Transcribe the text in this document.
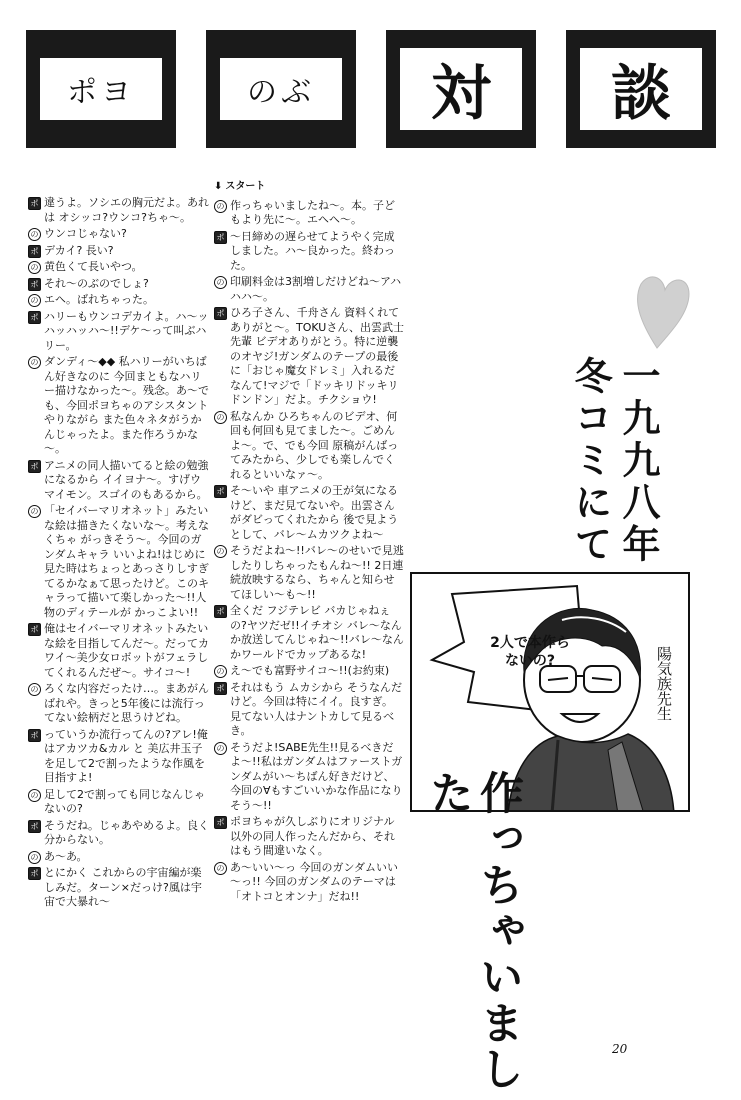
ポヨ	のぶ	対	談
ポ 違うよ。ソシエの胸元だよ。あれは オシッコ?ウンコ?ちゃ～。
の ウンコじゃない?
ポ デカイ? 長い?
の 黄色くて長いやつ。
ポ それ～のぶのでしょ?
の エヘ。ばれちゃった。
ポ ハリーもウンコデカイよ。ハ～ッハッハッハ～!!デケ～って叫ぶハリー。
の ダンディ～◆◆ 私ハリーがいちばん好きなのに 今回まともなハリー描けなかった～。残念。あ～でも、今回ポヨちゃのアシスタントやりながら また色々ネタがうかんじゃったよ。また作ろうかな～。
ポ アニメの同人描いてると絵の勉強になるから イイヨナ～。すげウマイモン。スゴイのもあるから。
の 「セイバーマリオネット」みたいな絵は描きたくないな～。考えなくちゃ がっきそう～。今回のガンダムキャラ いいよね!はじめに見た時はちょっとあっさりしすぎてるかなぁて思ったけど。このキャラって描いて楽しかった～!!人物のディテールが かっこよい!!
ポ 俺はセイバーマリオネットみたいな絵を目指してんだ～。だってカワイ～美少女ロボットがフェラしてくれるんだぜ～。サイコ～!
の ろくな内容だったけ…。まあがんばれや。きっと5年後には流行ってない絵柄だと思うけどね。
ポ っていうか流行ってんの?アレ!俺はアカツカ&カル と 美広井玉子を足して2で割ったような作風を目指すよ!
の 足して2で割っても同じなんじゃないの?
ポ そうだね。じゃあやめるよ。良く分からない。
の あ～あ。
ポ とにかく これからの宇宙編が楽しみだ。ターン×だっけ?風は宇宙で大暴れ～
⬇ スタート
の 作っちゃいましたね～。本。子どもより先に～。エヘヘ～。
ポ ～日締めの遅らせてようやく完成しました。ハ～良かった。終わった。
の 印刷料金は3割増しだけどね～アハハハ～。
ポ ひろ子さん、千舟さん 資料くれてありがと～。TOKUさん、出雲武士先輩 ビデオありがとう。特に逆襲のオヤジ!ガンダムのテープの最後に「おじゃ魔女ドレミ」入れるだなんて!マジで「ドッキリドッキリ ドンドン」だよ。チクショウ!
の 私なんか ひろちゃんのビデオ、何回も何回も見てました～。ごめんよ～。で、でも今回 原稿がんばってみたから、少しでも楽しんでくれるといいなァ～。
ポ そ～いや 車アニメの王が気になるけど、まだ見てないや。出雲さんがダビってくれたから 後で見ようとして、バレ～ムカツクよね～
の そうだよね～!!バレ～のせいで見逃したりしちゃったもんね～!! 2日連続放映するなら、ちゃんと知らせてほしい～も～!!
ポ 全くだ フジテレビ バカじゃねぇの?ヤツだゼ!!イチオシ バレ～なんか放送してんじゃね～!!バレ～なんかワールドでカップあるな!
の え～でも富野サイコ～!!(お約束)
ポ それはもう ムカシから そうなんだけど。今回は特にイイ。良すぎ。見てない人はナントカして見るべき。
の そうだよ!SABE先生!!見るべきだよ～!!私はガンダムはファーストガンダムがい～ちばん好きだけど、今回の∀もすごいいかな作品になりそう～!!
ポ ポヨちゃが久しぶりにオリジナル以外の同人作ったんだから、それはもう間違いなく。
の あ～いい～っ 今回のガンダムいい～っ!! 今回のガンダムのテーマは「オトコとオンナ」だね!!
一九九八年
冬コミにて
2人で本作らないの?	陽気族先生
作っちゃいました
20
